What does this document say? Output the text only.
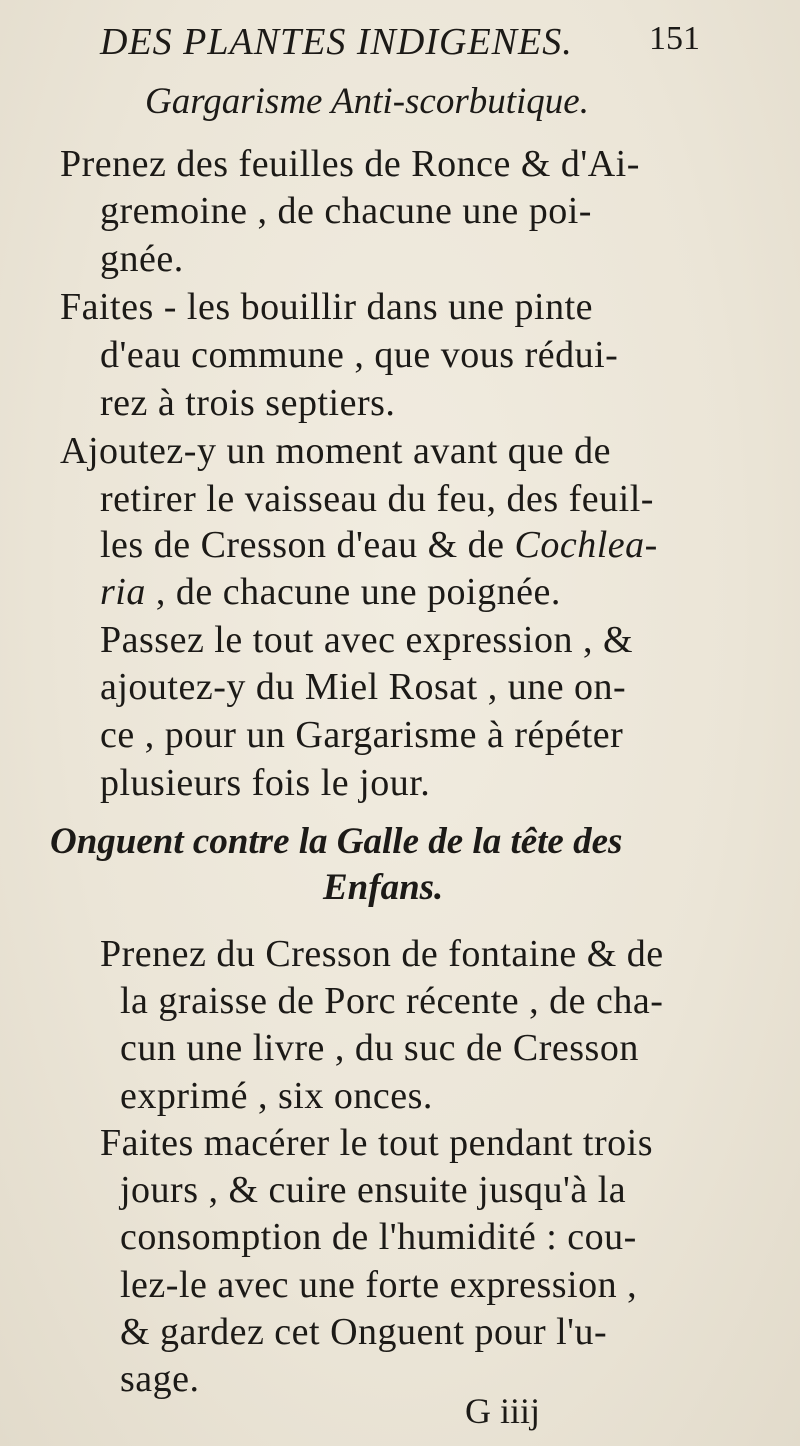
DES PLANTES INDIGENES. 151
Gargarisme Anti-scorbutique.
Prenez des feuilles de Ronce & d'Ai-
gremoine , de chacune une poi-
gnée.
Faites - les bouillir dans une pinte
d'eau commune , que vous rédui-
rez à trois septiers.
Ajoutez-y un moment avant que de
retirer le vaisseau du feu, des feuil-
les de Cresson d'eau & de Cochlea-
ria , de chacune une poignée.
Passez le tout avec expression , &
ajoutez-y du Miel Rosat , une on-
ce , pour un Gargarisme à répéter
plusieurs fois le jour.
Onguent contre la Galle de la tête des
Enfans.
Prenez du Cresson de fontaine & de
la graisse de Porc récente , de cha-
cun une livre , du suc de Cresson
exprimé , six onces.
Faites macérer le tout pendant trois
jours , & cuire ensuite jusqu'à la
consomption de l'humidité : cou-
lez-le avec une forte expression ,
& gardez cet Onguent pour l'u-
sage.
G iiij
